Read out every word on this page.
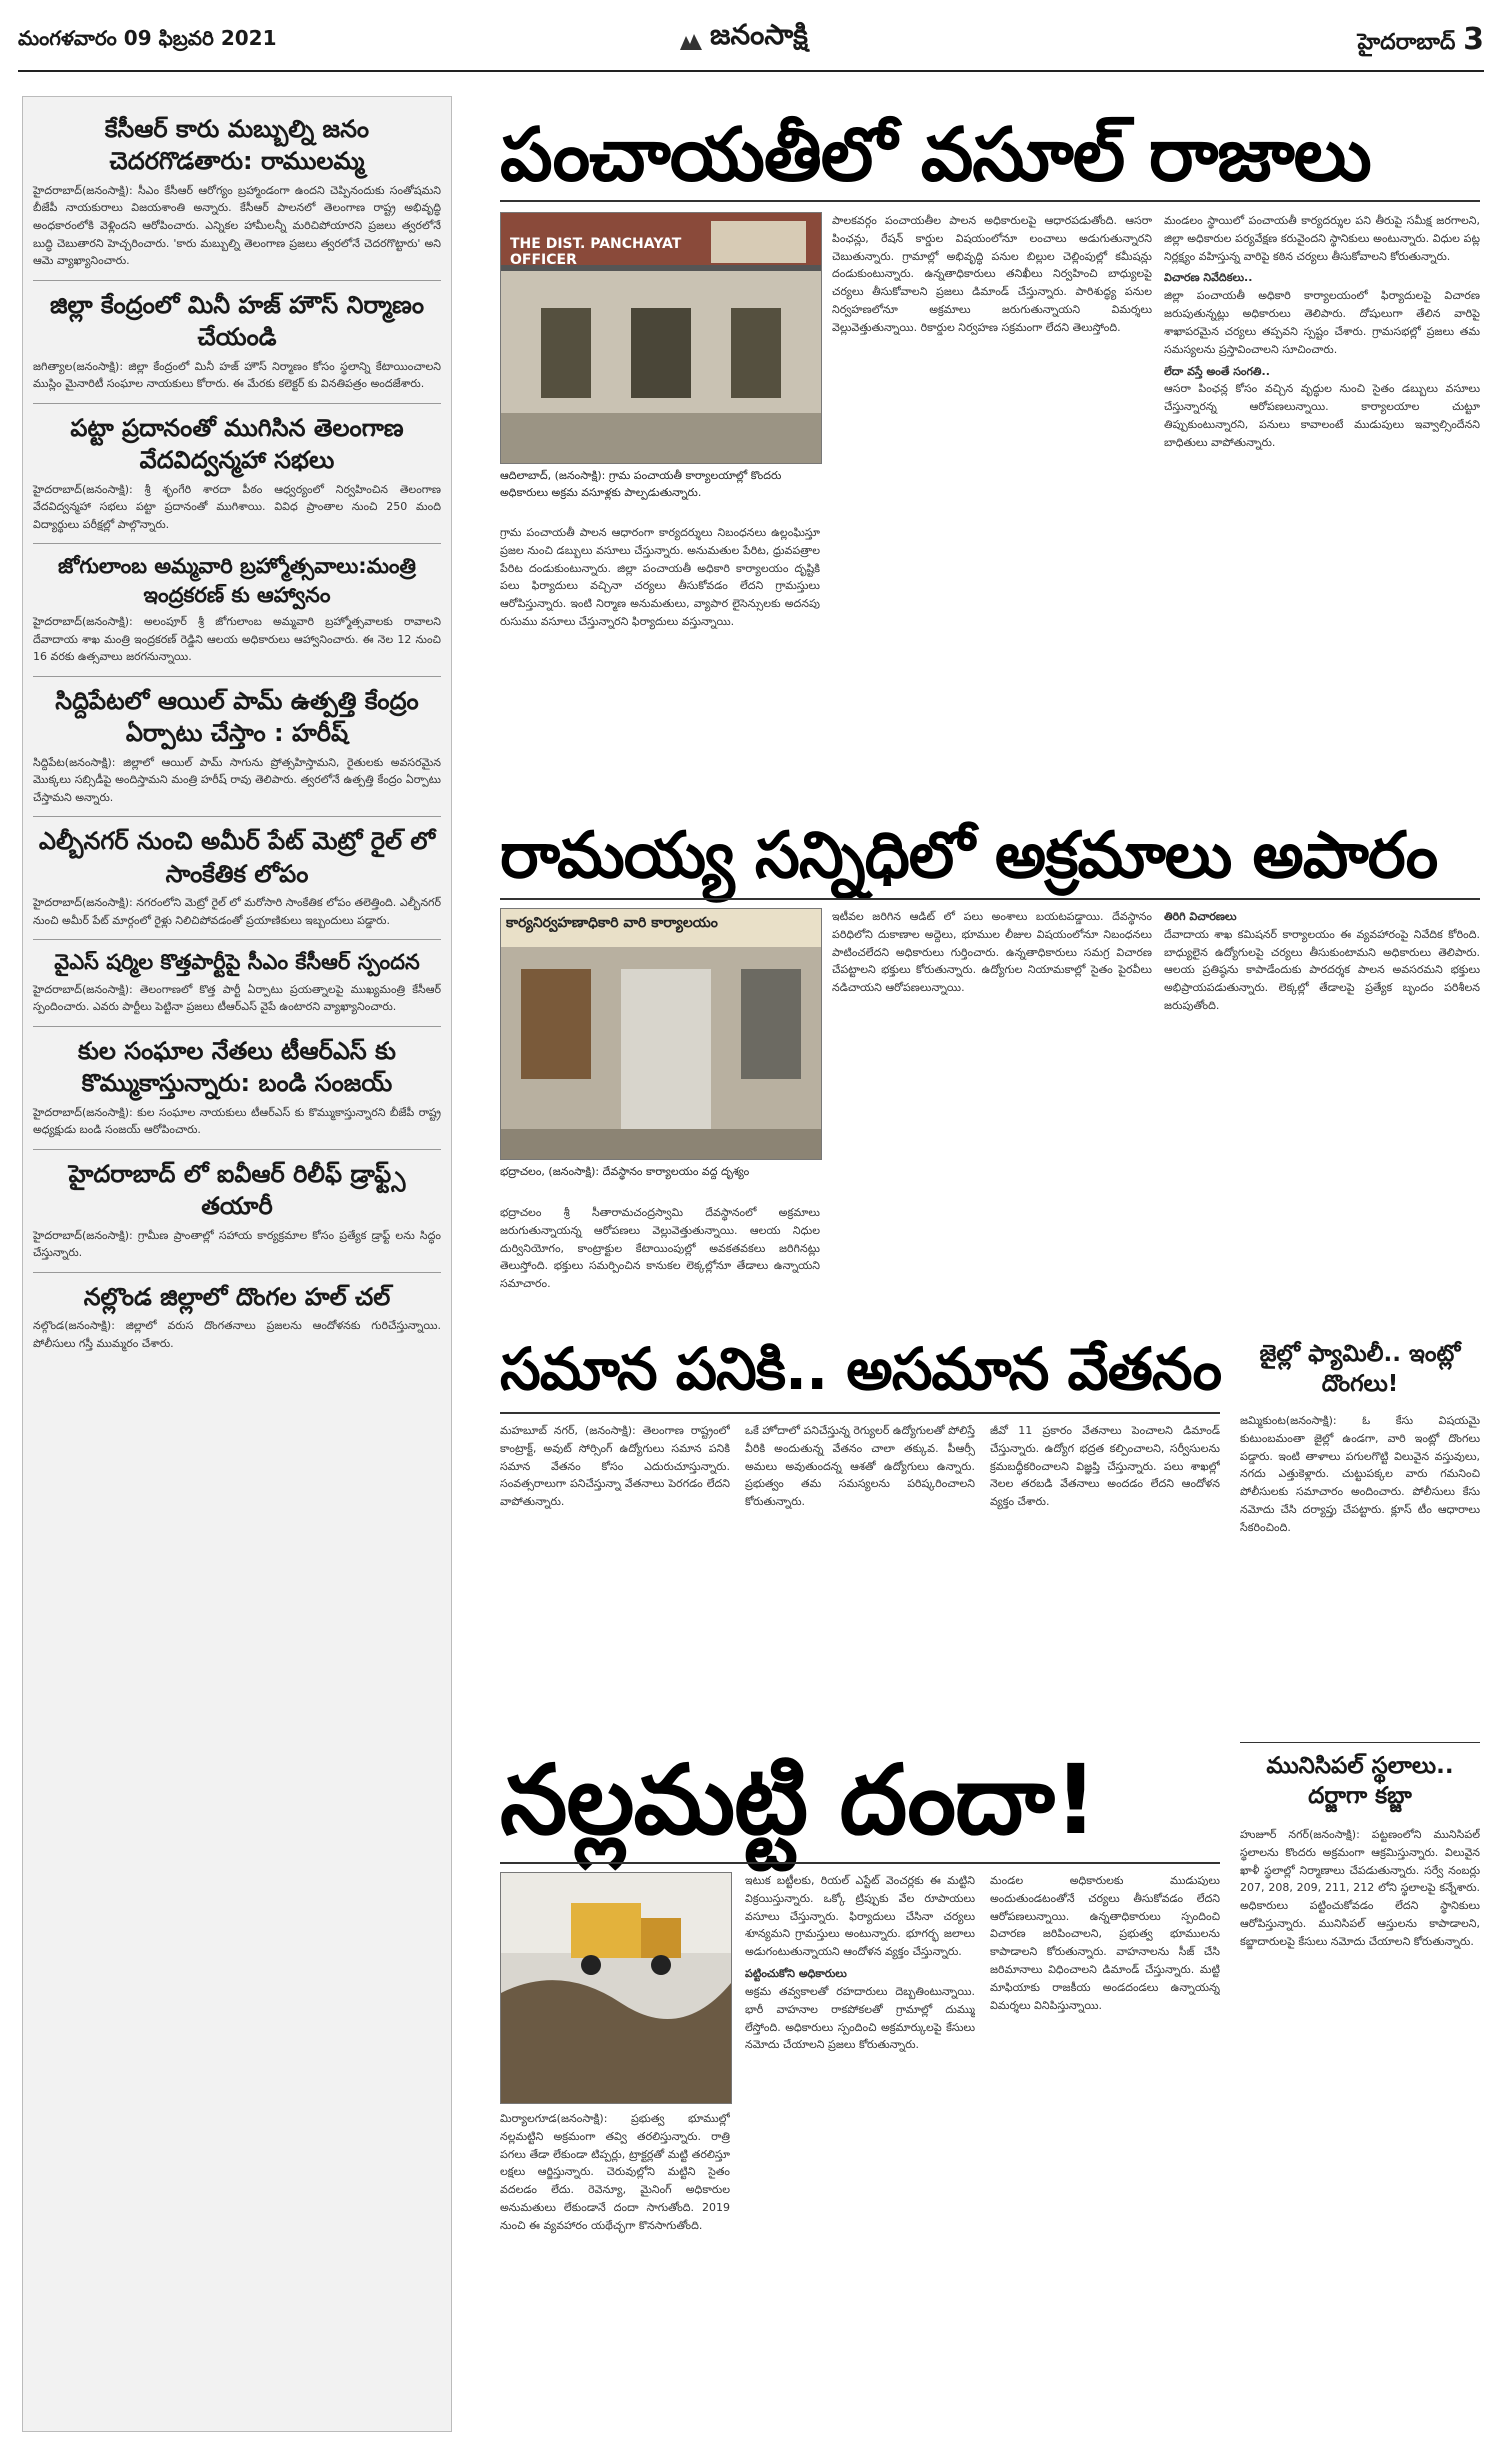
మంగళవారం 09 ఫిబ్రవరి 2021	జనంసాక్షి	హైదరాబాద్ 3
కేసీఆర్ కారు మబ్బుల్ని జనం చెదరగొడతారు: రాములమ్మ
హైదరాబాద్(జనంసాక్షి): సీఎం కేసీఆర్ ఆరోగ్యం బ్రహ్మాండంగా ఉందని చెప్పినందుకు సంతోషమని బీజేపీ నాయకురాలు విజయశాంతి అన్నారు. కేసీఆర్ పాలనలో తెలంగాణ రాష్ట్ర అభివృద్ధి అంధకారంలోకి వెళ్లిందని ఆరోపించారు. ఎన్నికల హామీలన్నీ మరిచిపోయారని ప్రజలు త్వరలోనే బుద్ధి చెబుతారని హెచ్చరించారు. 'కారు మబ్బుల్ని తెలంగాణ ప్రజలు త్వరలోనే చెదరగొట్టారు' అని ఆమె వ్యాఖ్యానించారు.
జిల్లా కేంద్రంలో మినీ హజ్ హౌస్ నిర్మాణం చేయండి
జగిత్యాల(జనంసాక్షి): జిల్లా కేంద్రంలో మినీ హజ్ హౌస్ నిర్మాణం కోసం స్థలాన్ని కేటాయించాలని ముస్లిం మైనారిటీ సంఘాల నాయకులు కోరారు. ఈ మేరకు కలెక్టర్ కు వినతిపత్రం అందజేశారు.
పట్టా ప్రదానంతో ముగిసిన తెలంగాణ వేదవిద్వన్మహా సభలు
హైదరాబాద్(జనంసాక్షి): శ్రీ శృంగేరి శారదా పీఠం ఆధ్వర్యంలో నిర్వహించిన తెలంగాణ వేదవిద్వన్మహా సభలు పట్టా ప్రదానంతో ముగిశాయి. వివిధ ప్రాంతాల నుంచి 250 మంది విద్యార్థులు పరీక్షల్లో పాల్గొన్నారు.
జోగులాంబ అమ్మవారి బ్రహ్మోత్సవాలు:మంత్రి ఇంద్రకరణ్ కు ఆహ్వానం
హైదరాబాద్(జనంసాక్షి): అలంపూర్ శ్రీ జోగులాంబ అమ్మవారి బ్రహ్మోత్సవాలకు రావాలని దేవాదాయ శాఖ మంత్రి ఇంద్రకరణ్ రెడ్డిని ఆలయ అధికారులు ఆహ్వానించారు. ఈ నెల 12 నుంచి 16 వరకు ఉత్సవాలు జరగనున్నాయి.
సిద్దిపేటలో ఆయిల్ పామ్ ఉత్పత్తి కేంద్రం ఏర్పాటు చేస్తాం : హరీష్
సిద్దిపేట(జనంసాక్షి): జిల్లాలో ఆయిల్ పామ్ సాగును ప్రోత్సహిస్తామని, రైతులకు అవసరమైన మొక్కలు సబ్సిడీపై అందిస్తామని మంత్రి హరీష్ రావు తెలిపారు. త్వరలోనే ఉత్పత్తి కేంద్రం ఏర్పాటు చేస్తామని అన్నారు.
ఎల్బీనగర్ నుంచి అమీర్ పేట్ మెట్రో రైల్ లో సాంకేతిక లోపం
హైదరాబాద్(జనంసాక్షి): నగరంలోని మెట్రో రైల్ లో మరోసారి సాంకేతిక లోపం తలెత్తింది. ఎల్బీనగర్ నుంచి అమీర్ పేట్ మార్గంలో రైళ్లు నిలిచిపోవడంతో ప్రయాణికులు ఇబ్బందులు పడ్డారు.
వైఎస్ షర్మిల కొత్తపార్టీపై సీఎం కేసీఆర్ స్పందన
హైదరాబాద్(జనంసాక్షి): తెలంగాణలో కొత్త పార్టీ ఏర్పాటు ప్రయత్నాలపై ముఖ్యమంత్రి కేసీఆర్ స్పందించారు. ఎవరు పార్టీలు పెట్టినా ప్రజలు టీఆర్ఎస్ వైపే ఉంటారని వ్యాఖ్యానించారు.
కుల సంఘాల నేతలు టీఆర్ఎస్ కు కొమ్ముకాస్తున్నారు: బండి సంజయ్
హైదరాబాద్(జనంసాక్షి): కుల సంఘాల నాయకులు టీఆర్ఎస్ కు కొమ్ముకాస్తున్నారని బీజేపీ రాష్ట్ర అధ్యక్షుడు బండి సంజయ్ ఆరోపించారు.
హైదరాబాద్ లో ఐవీఆర్ రిలీఫ్ డ్రాఫ్ట్స్ తయారీ
హైదరాబాద్(జనంసాక్షి): గ్రామీణ ప్రాంతాల్లో సహాయ కార్యక్రమాల కోసం ప్రత్యేక డ్రాఫ్ట్ లను సిద్ధం చేస్తున్నారు.
నల్లొండ జిల్లాలో దొంగల హల్ చల్
నల్గొండ(జనంసాక్షి): జిల్లాలో వరుస దొంగతనాలు ప్రజలను ఆందోళనకు గురిచేస్తున్నాయి. పోలీసులు గస్తీ ముమ్మరం చేశారు.
పంచాయతీలో వసూల్ రాజాలు
THE DIST. PANCHAYAT OFFICER
ఆదిలాబాద్, (జనంసాక్షి): గ్రామ పంచాయతీ కార్యాలయాల్లో కొందరు అధికారులు అక్రమ వసూళ్లకు పాల్పడుతున్నారు.
గ్రామ పంచాయతీ పాలన ఆధారంగా కార్యదర్శులు నిబంధనలు ఉల్లంఘిస్తూ ప్రజల నుంచి డబ్బులు వసూలు చేస్తున్నారు. అనుమతుల పేరిట, ధ్రువపత్రాల పేరిట దండుకుంటున్నారు. జిల్లా పంచాయతీ అధికారి కార్యాలయం దృష్టికి పలు ఫిర్యాదులు వచ్చినా చర్యలు తీసుకోవడం లేదని గ్రామస్తులు ఆరోపిస్తున్నారు. ఇంటి నిర్మాణ అనుమతులు, వ్యాపార లైసెన్సులకు అదనపు రుసుము వసూలు చేస్తున్నారని ఫిర్యాదులు వస్తున్నాయి.
పాలకవర్గం పంచాయతీల పాలన అధికారులపై ఆధారపడుతోంది. ఆసరా పింఛన్లు, రేషన్ కార్డుల విషయంలోనూ లంచాలు అడుగుతున్నారని చెబుతున్నారు. గ్రామాల్లో అభివృద్ధి పనుల బిల్లుల చెల్లింపుల్లో కమీషన్లు దండుకుంటున్నారు. ఉన్నతాధికారులు తనిఖీలు నిర్వహించి బాధ్యులపై చర్యలు తీసుకోవాలని ప్రజలు డిమాండ్ చేస్తున్నారు. పారిశుద్ధ్య పనుల నిర్వహణలోనూ అక్రమాలు జరుగుతున్నాయని విమర్శలు వెల్లువెత్తుతున్నాయి. రికార్డుల నిర్వహణ సక్రమంగా లేదని తెలుస్తోంది.
మండలం స్థాయిలో పంచాయతీ కార్యదర్శుల పని తీరుపై సమీక్ష జరగాలని, జిల్లా అధికారుల పర్యవేక్షణ కరువైందని స్థానికులు అంటున్నారు. విధుల పట్ల నిర్లక్ష్యం వహిస్తున్న వారిపై కఠిన చర్యలు తీసుకోవాలని కోరుతున్నారు.
విచారణ నివేదికలు..
జిల్లా పంచాయతీ అధికారి కార్యాలయంలో ఫిర్యాదులపై విచారణ జరుపుతున్నట్లు అధికారులు తెలిపారు. దోషులుగా తేలిన వారిపై శాఖాపరమైన చర్యలు తప్పవని స్పష్టం చేశారు. గ్రామసభల్లో ప్రజలు తమ సమస్యలను ప్రస్తావించాలని సూచించారు.
లేదా వస్తే అంతే సంగతి..
ఆసరా పింఛన్ల కోసం వచ్చిన వృద్ధుల నుంచి సైతం డబ్బులు వసూలు చేస్తున్నారన్న ఆరోపణలున్నాయి. కార్యాలయాల చుట్టూ తిప్పుకుంటున్నారని, పనులు కావాలంటే ముడుపులు ఇవ్వాల్సిందేనని బాధితులు వాపోతున్నారు.
రామయ్య సన్నిధిలో అక్రమాలు అపారం
కార్యనిర్వహణాధికారి వారి కార్యాలయం
భద్రాచలం, (జనంసాక్షి): దేవస్థానం కార్యాలయం వద్ద దృశ్యం
భద్రాచలం శ్రీ సీతారామచంద్రస్వామి దేవస్థానంలో అక్రమాలు జరుగుతున్నాయన్న ఆరోపణలు వెల్లువెత్తుతున్నాయి. ఆలయ నిధుల దుర్వినియోగం, కాంట్రాక్టుల కేటాయింపుల్లో అవకతవకలు జరిగినట్లు తెలుస్తోంది. భక్తులు సమర్పించిన కానుకల లెక్కల్లోనూ తేడాలు ఉన్నాయని సమాచారం.
ఇటీవల జరిగిన ఆడిట్ లో పలు అంశాలు బయటపడ్డాయి. దేవస్థానం పరిధిలోని దుకాణాల అద్దెలు, భూముల లీజుల విషయంలోనూ నిబంధనలు పాటించలేదని అధికారులు గుర్తించారు. ఉన్నతాధికారులు సమగ్ర విచారణ చేపట్టాలని భక్తులు కోరుతున్నారు. ఉద్యోగుల నియామకాల్లో సైతం పైరవీలు నడిచాయని ఆరోపణలున్నాయి.
తిరిగి విచారణలు
దేవాదాయ శాఖ కమిషనర్ కార్యాలయం ఈ వ్యవహారంపై నివేదిక కోరింది. బాధ్యులైన ఉద్యోగులపై చర్యలు తీసుకుంటామని అధికారులు తెలిపారు. ఆలయ ప్రతిష్ఠను కాపాడేందుకు పారదర్శక పాలన అవసరమని భక్తులు అభిప్రాయపడుతున్నారు. లెక్కల్లో తేడాలపై ప్రత్యేక బృందం పరిశీలన జరుపుతోంది.
సమాన పనికి.. అసమాన వేతనం
మహబూబ్ నగర్, (జనంసాక్షి): తెలంగాణ రాష్ట్రంలో కాంట్రాక్ట్, అవుట్ సోర్సింగ్ ఉద్యోగులు సమాన పనికి సమాన వేతనం కోసం ఎదురుచూస్తున్నారు. సంవత్సరాలుగా పనిచేస్తున్నా వేతనాలు పెరగడం లేదని వాపోతున్నారు.
ఒకే హోదాలో పనిచేస్తున్న రెగ్యులర్ ఉద్యోగులతో పోలిస్తే వీరికి అందుతున్న వేతనం చాలా తక్కువ. పీఆర్సీ అమలు అవుతుందన్న ఆశతో ఉద్యోగులు ఉన్నారు. ప్రభుత్వం తమ సమస్యలను పరిష్కరించాలని కోరుతున్నారు.
జీవో 11 ప్రకారం వేతనాలు పెంచాలని డిమాండ్ చేస్తున్నారు. ఉద్యోగ భద్రత కల్పించాలని, సర్వీసులను క్రమబద్ధీకరించాలని విజ్ఞప్తి చేస్తున్నారు. పలు శాఖల్లో నెలల తరబడి వేతనాలు అందడం లేదని ఆందోళన వ్యక్తం చేశారు.
జైల్లో ఫ్యామిలీ.. ఇంట్లో దొంగలు!
జమ్మికుంట(జనంసాక్షి): ఓ కేసు విషయమై కుటుంబమంతా జైల్లో ఉండగా, వారి ఇంట్లో దొంగలు పడ్డారు. ఇంటి తాళాలు పగులగొట్టి విలువైన వస్తువులు, నగదు ఎత్తుకెళ్లారు. చుట్టుపక్కల వారు గమనించి పోలీసులకు సమాచారం అందించారు. పోలీసులు కేసు నమోదు చేసి దర్యాప్తు చేపట్టారు. క్లూస్ టీం ఆధారాలు సేకరించింది.
మునిసిపల్ స్థలాలు.. దర్జాగా కబ్జా
హుజూర్ నగర్(జనంసాక్షి): పట్టణంలోని మునిసిపల్ స్థలాలను కొందరు అక్రమంగా ఆక్రమిస్తున్నారు. విలువైన ఖాళీ స్థలాల్లో నిర్మాణాలు చేపడుతున్నారు. సర్వే నంబర్లు 207, 208, 209, 211, 212 లోని స్థలాలపై కన్నేశారు. అధికారులు పట్టించుకోవడం లేదని స్థానికులు ఆరోపిస్తున్నారు. మునిసిపల్ ఆస్తులను కాపాడాలని, కబ్జాదారులపై కేసులు నమోదు చేయాలని కోరుతున్నారు.
నల్లమట్టి దందా!
మిర్యాలగూడ(జనంసాక్షి): ప్రభుత్వ భూముల్లో నల్లమట్టిని అక్రమంగా తవ్వి తరలిస్తున్నారు. రాత్రి పగలు తేడా లేకుండా టిప్పర్లు, ట్రాక్టర్లతో మట్టి తరలిస్తూ లక్షలు ఆర్జిస్తున్నారు. చెరువుల్లోని మట్టిని సైతం వదలడం లేదు. రెవెన్యూ, మైనింగ్ అధికారుల అనుమతులు లేకుండానే దందా సాగుతోంది. 2019 నుంచి ఈ వ్యవహారం యథేచ్ఛగా కొనసాగుతోంది.
ఇటుక బట్టీలకు, రియల్ ఎస్టేట్ వెంచర్లకు ఈ మట్టిని విక్రయిస్తున్నారు. ఒక్కో ట్రిప్పుకు వేల రూపాయలు వసూలు చేస్తున్నారు. ఫిర్యాదులు చేసినా చర్యలు శూన్యమని గ్రామస్తులు అంటున్నారు. భూగర్భ జలాలు అడుగంటుతున్నాయని ఆందోళన వ్యక్తం చేస్తున్నారు.
పట్టించుకోని అధికారులు
అక్రమ తవ్వకాలతో రహదారులు దెబ్బతింటున్నాయి. భారీ వాహనాల రాకపోకలతో గ్రామాల్లో దుమ్ము లేస్తోంది. అధికారులు స్పందించి అక్రమార్కులపై కేసులు నమోదు చేయాలని ప్రజలు కోరుతున్నారు.
మండల అధికారులకు ముడుపులు అందుతుండటంతోనే చర్యలు తీసుకోవడం లేదని ఆరోపణలున్నాయి. ఉన్నతాధికారులు స్పందించి విచారణ జరిపించాలని, ప్రభుత్వ భూములను కాపాడాలని కోరుతున్నారు. వాహనాలను సీజ్ చేసి జరిమానాలు విధించాలని డిమాండ్ చేస్తున్నారు. మట్టి మాఫియాకు రాజకీయ అండదండలు ఉన్నాయన్న విమర్శలు వినిపిస్తున్నాయి.
